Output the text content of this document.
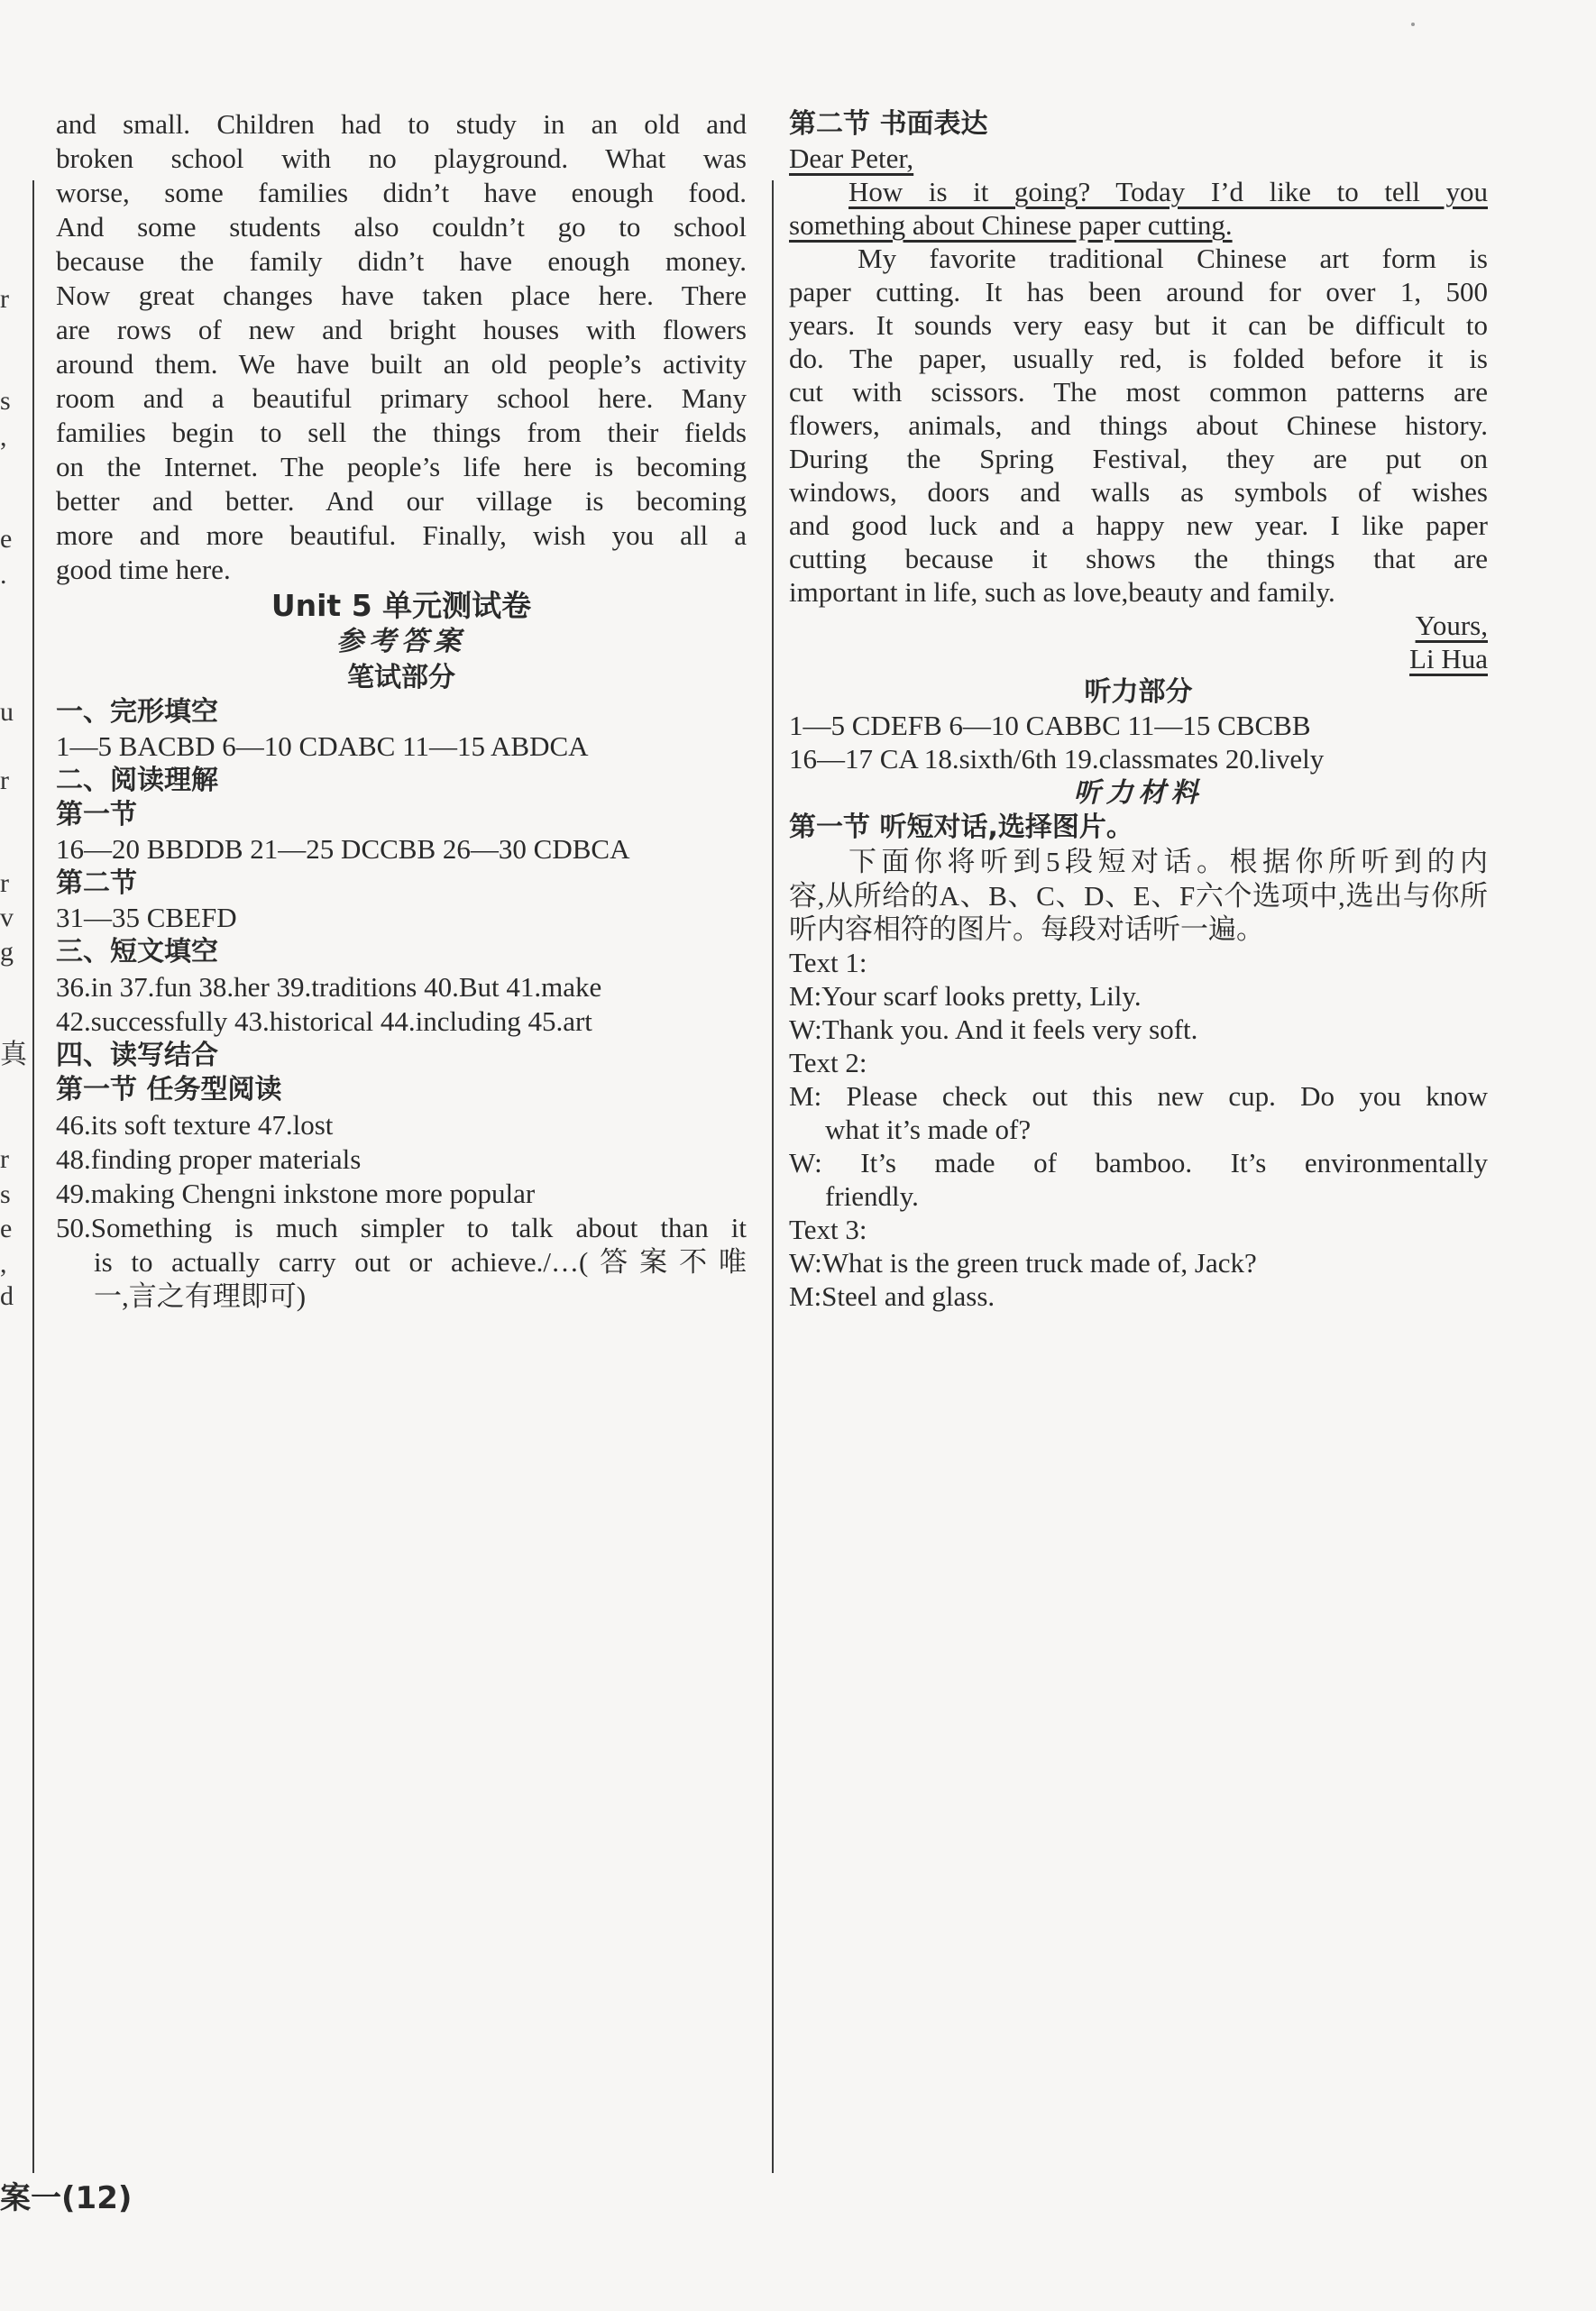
r
s
,
e
.
u
r
r
v
g
真
r
s
e
,
d
and small. Children had to study in an old and
broken school with no playground. What was
worse, some families didn’t have enough food.
And some students also couldn’t go to school
because the family didn’t have enough money.
Now great changes have taken place here. There
are rows of new and bright houses with flowers
around them. We have built an old people’s activity
room and a beautiful primary school here. Many
families begin to sell the things from their fields
on the Internet. The people’s life here is becoming
better and better. And our village is becoming
more and more beautiful. Finally, wish you all a
good time here.
Unit 5 单元测试卷
参考答案
笔试部分
一、完形填空
1—5 BACBD 6—10 CDABC 11—15 ABDCA
二、阅读理解
第一节
16—20 BBDDB 21—25 DCCBB 26—30 CDBCA
第二节
31—35 CBEFD
三、短文填空
36.in 37.fun 38.her 39.traditions 40.But 41.make
42.successfully 43.historical 44.including 45.art
四、读写结合
第一节 任务型阅读
46.its soft texture 47.lost
48.finding proper materials
49.making Chengni inkstone more popular
50.Something is much simpler to talk about than it
is to actually carry out or achieve./…(答案不唯
一,言之有理即可)
案一(12)
第二节 书面表达
Dear Peter,
How is it going? Today I’d like to tell you
something about Chinese paper cutting.
My favorite traditional Chinese art form is
paper cutting. It has been around for over 1, 500
years. It sounds very easy but it can be difficult to
do. The paper, usually red, is folded before it is
cut with scissors. The most common patterns are
flowers, animals, and things about Chinese history.
During the Spring Festival, they are put on
windows, doors and walls as symbols of wishes
and good luck and a happy new year. I like paper
cutting because it shows the things that are
important in life, such as love,beauty and family.
Yours,
Li Hua
听力部分
1—5 CDEFB 6—10 CABBC 11—15 CBCBB
16—17 CA 18.sixth/6th 19.classmates 20.lively
听力材料
第一节 听短对话,选择图片。
下面你将听到5段短对话。根据你所听到的内
容,从所给的A、B、C、D、E、F六个选项中,选出与你所
听内容相符的图片。每段对话听一遍。
Text 1:
M:Your scarf looks pretty, Lily.
W:Thank you. And it feels very soft.
Text 2:
M: Please check out this new cup. Do you know
what it’s made of?
W: It’s made of bamboo. It’s environmentally
friendly.
Text 3:
W:What is the green truck made of, Jack?
M:Steel and glass.
